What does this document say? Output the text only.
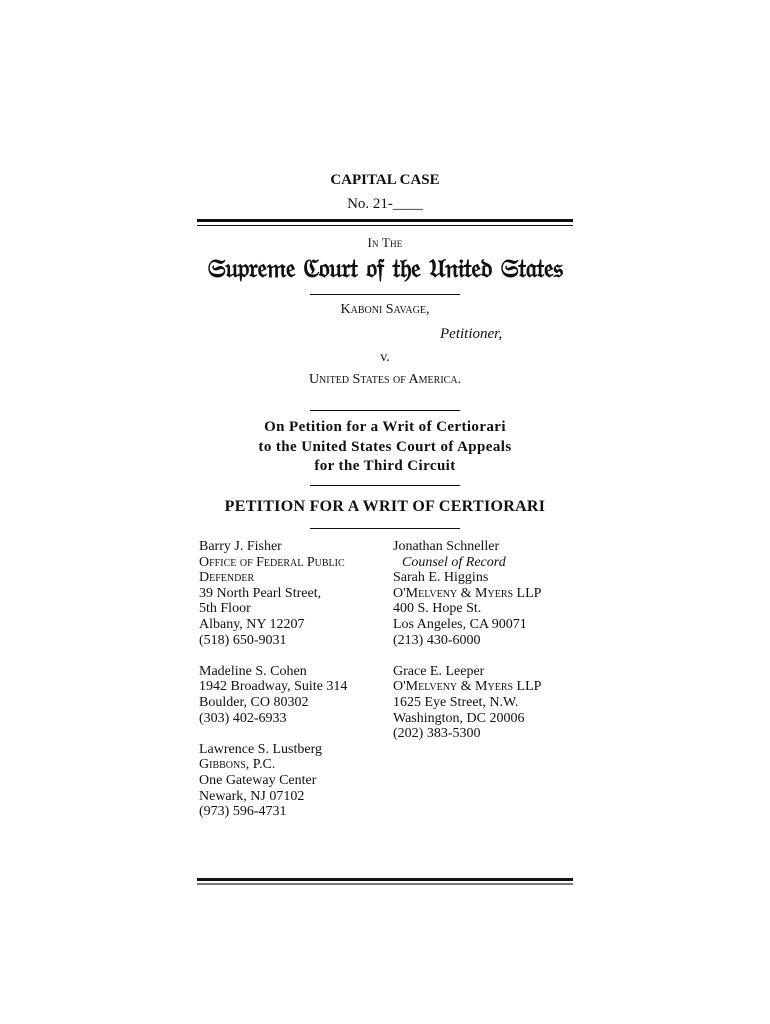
CAPITAL CASE
No. 21-____
In The
𝔖𝔲𝔭𝔯𝔢𝔪𝔢 ℭ𝔬𝔲𝔯𝔱 𝔬𝔣 𝔱𝔥𝔢 𝔘𝔫𝔦𝔱𝔢𝔡 𝔖𝔱𝔞𝔱𝔢𝔰
Kaboni Savage,
Petitioner,
v.
United States of America.
On Petition for a Writ of Certiorari
to the United States Court of Appeals
for the Third Circuit
PETITION FOR A WRIT OF CERTIORARI
Barry J. Fisher
Office of Federal Public
Defender
39 North Pearl Street,
5th Floor
Albany, NY 12207
(518) 650-9031
Madeline S. Cohen
1942 Broadway, Suite 314
Boulder, CO 80302
(303) 402-6933
Lawrence S. Lustberg
Gibbons, P.C.
One Gateway Center
Newark, NJ 07102
(973) 596-4731
Jonathan Schneller
Counsel of Record
Sarah E. Higgins
O'Melveny & Myers LLP
400 S. Hope St.
Los Angeles, CA 90071
(213) 430-6000
Grace E. Leeper
O'Melveny & Myers LLP
1625 Eye Street, N.W.
Washington, DC 20006
(202) 383-5300
